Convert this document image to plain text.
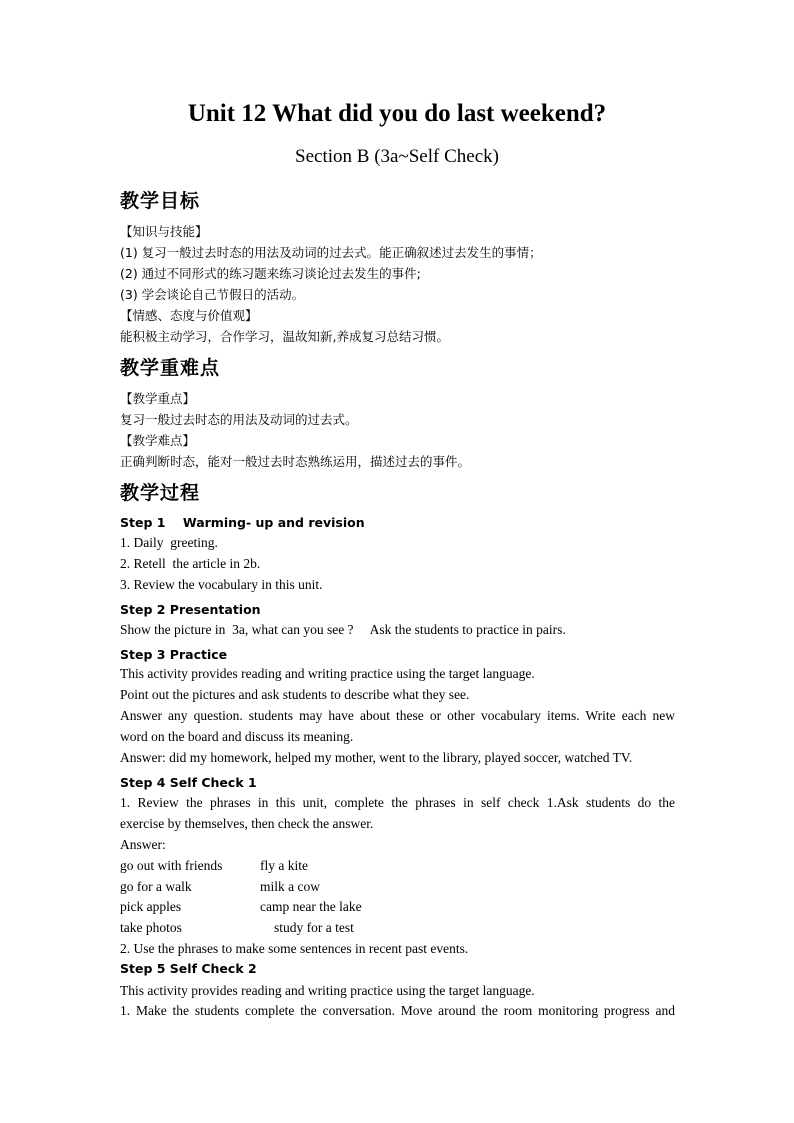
Unit 12 What did you do last weekend?
Section B (3a~Self Check)
教学目标
【知识与技能】
(1) 复习一般过去时态的用法及动词的过去式。能正确叙述过去发生的事情；
(2) 通过不同形式的练习题来练习谈论过去发生的事件;
(3) 学会谈论自己节假日的活动。
【情感、态度与价值观】
能积极主动学习，合作学习，温故知新,养成复习总结习惯。
教学重难点
【教学重点】
复习一般过去时态的用法及动词的过去式。
【教学难点】
正确判断时态，能对一般过去时态熟练运用，描述过去的事件。
教学过程
Step 1    Warming- up and revision
1. Daily  greeting.
2. Retell  the article in 2b.
3. Review the vocabulary in this unit.
Step 2 Presentation
Show the picture in  3a, what can you see ?     Ask the students to practice in pairs.
Step 3 Practice
This activity provides reading and writing practice using the target language.
Point out the pictures and ask students to describe what they see.
Answer any question. students may have about these or other vocabulary items. Write each new
word on the board and discuss its meaning.
Answer: did my homework, helped my mother, went to the library, played soccer, watched TV.
Step 4 Self Check 1
1. Review the phrases in this unit, complete the phrases in self check 1.Ask students do the
exercise by themselves, then check the answer.
Answer:
go out with friends	fly a kite
go for a walk	milk a cow
pick apples	camp near the lake
take photos	study for a test
2. Use the phrases to make some sentences in recent past events.
Step 5 Self Check 2
This activity provides reading and writing practice using the target language.
1. Make the students complete the conversation. Move around the room monitoring progress and
